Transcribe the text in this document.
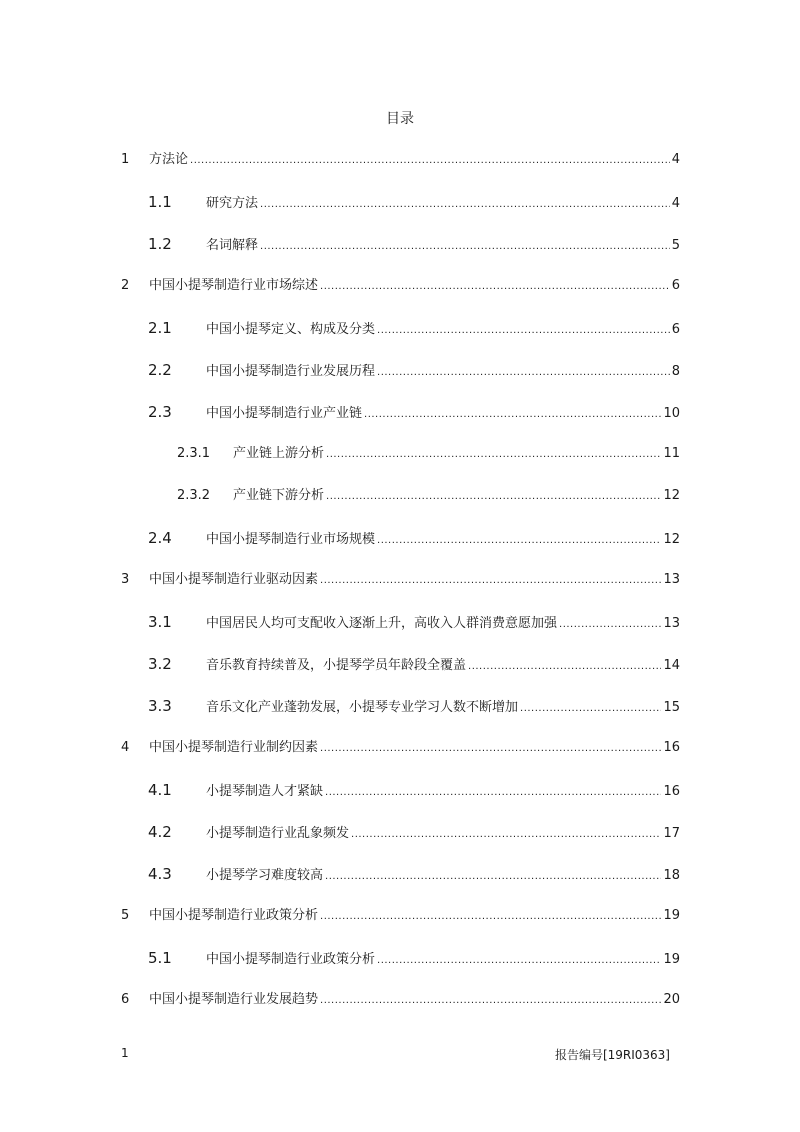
目录
1	方法论 .....	4
1.1	研究方法 .....	4
1.2	名词解释 .....	5
2	中国小提琴制造行业市场综述 .....	6
2.1	中国小提琴定义、构成及分类 .....	6
2.2	中国小提琴制造行业发展历程 .....	8
2.3	中国小提琴制造行业产业链 .....	10
2.3.1	产业链上游分析 .....	11
2.3.2	产业链下游分析 .....	12
2.4	中国小提琴制造行业市场规模 .....	12
3	中国小提琴制造行业驱动因素 .....	13
3.1	中国居民人均可支配收入逐渐上升，高收入人群消费意愿加强 .....	13
3.2	音乐教育持续普及，小提琴学员年龄段全覆盖 .....	14
3.3	音乐文化产业蓬勃发展，小提琴专业学习人数不断增加 .....	15
4	中国小提琴制造行业制约因素 .....	16
4.1	小提琴制造人才紧缺 .....	16
4.2	小提琴制造行业乱象频发 .....	17
4.3	小提琴学习难度较高 .....	18
5	中国小提琴制造行业政策分析 .....	19
5.1	中国小提琴制造行业政策分析 .....	19
6	中国小提琴制造行业发展趋势 .....	20
1	报告编号[19RI0363]
